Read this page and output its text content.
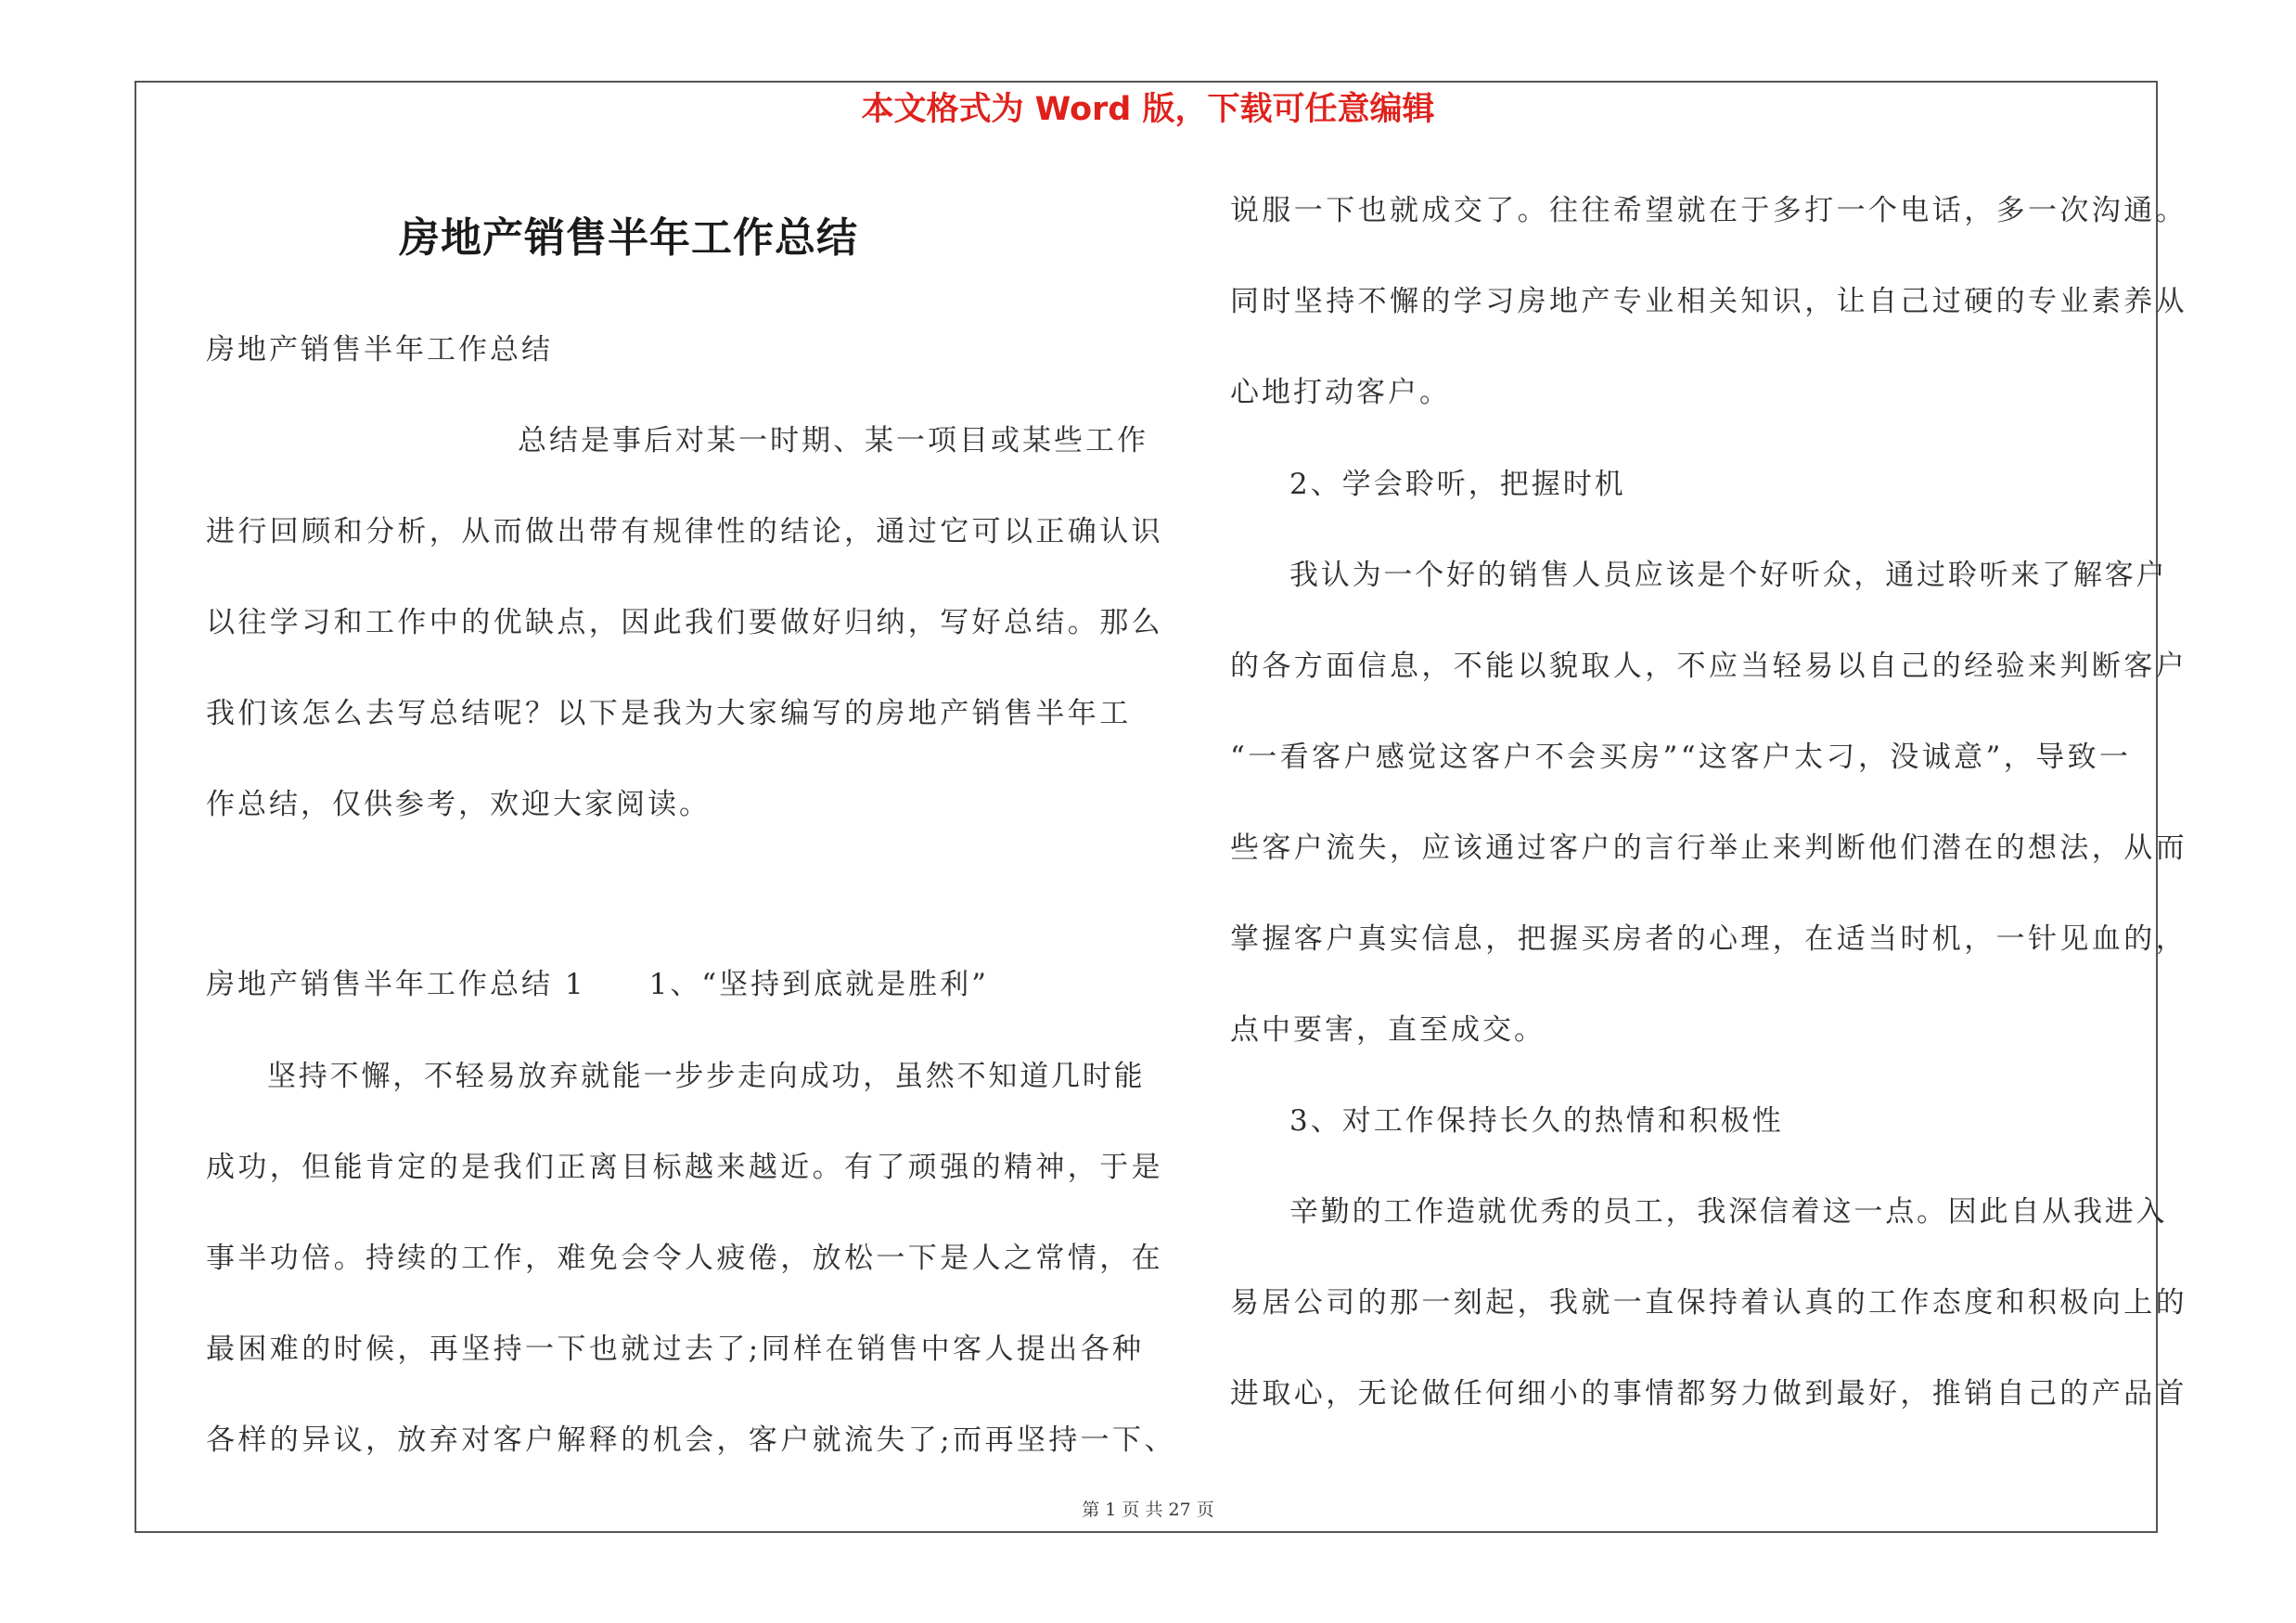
本文格式为 Word 版，下载可任意编辑
房地产销售半年工作总结
房地产销售半年工作总结
总结是事后对某一时期、某一项目或某些工作
进行回顾和分析，从而做出带有规律性的结论，通过它可以正确认识
以往学习和工作中的优缺点，因此我们要做好归纳，写好总结。那么
我们该怎么去写总结呢？以下是我为大家编写的房地产销售半年工
作总结，仅供参考，欢迎大家阅读。
房地产销售半年工作总结 1　　1、“坚持到底就是胜利”
坚持不懈，不轻易放弃就能一步步走向成功，虽然不知道几时能
成功，但能肯定的是我们正离目标越来越近。有了顽强的精神，于是
事半功倍。持续的工作，难免会令人疲倦，放松一下是人之常情，在
最困难的时候，再坚持一下也就过去了;同样在销售中客人提出各种
各样的异议，放弃对客户解释的机会，客户就流失了;而再坚持一下、
说服一下也就成交了。往往希望就在于多打一个电话，多一次沟通。
同时坚持不懈的学习房地产专业相关知识，让自己过硬的专业素养从
心地打动客户。
2、学会聆听，把握时机
我认为一个好的销售人员应该是个好听众，通过聆听来了解客户
的各方面信息，不能以貌取人，不应当轻易以自己的经验来判断客户
“一看客户感觉这客户不会买房”“这客户太刁，没诚意”，导致一
些客户流失，应该通过客户的言行举止来判断他们潜在的想法，从而
掌握客户真实信息，把握买房者的心理，在适当时机，一针见血的，
点中要害，直至成交。
3、对工作保持长久的热情和积极性
辛勤的工作造就优秀的员工，我深信着这一点。因此自从我进入
易居公司的那一刻起，我就一直保持着认真的工作态度和积极向上的
进取心，无论做任何细小的事情都努力做到最好，推销自己的产品首
第 1 页 共 27 页
